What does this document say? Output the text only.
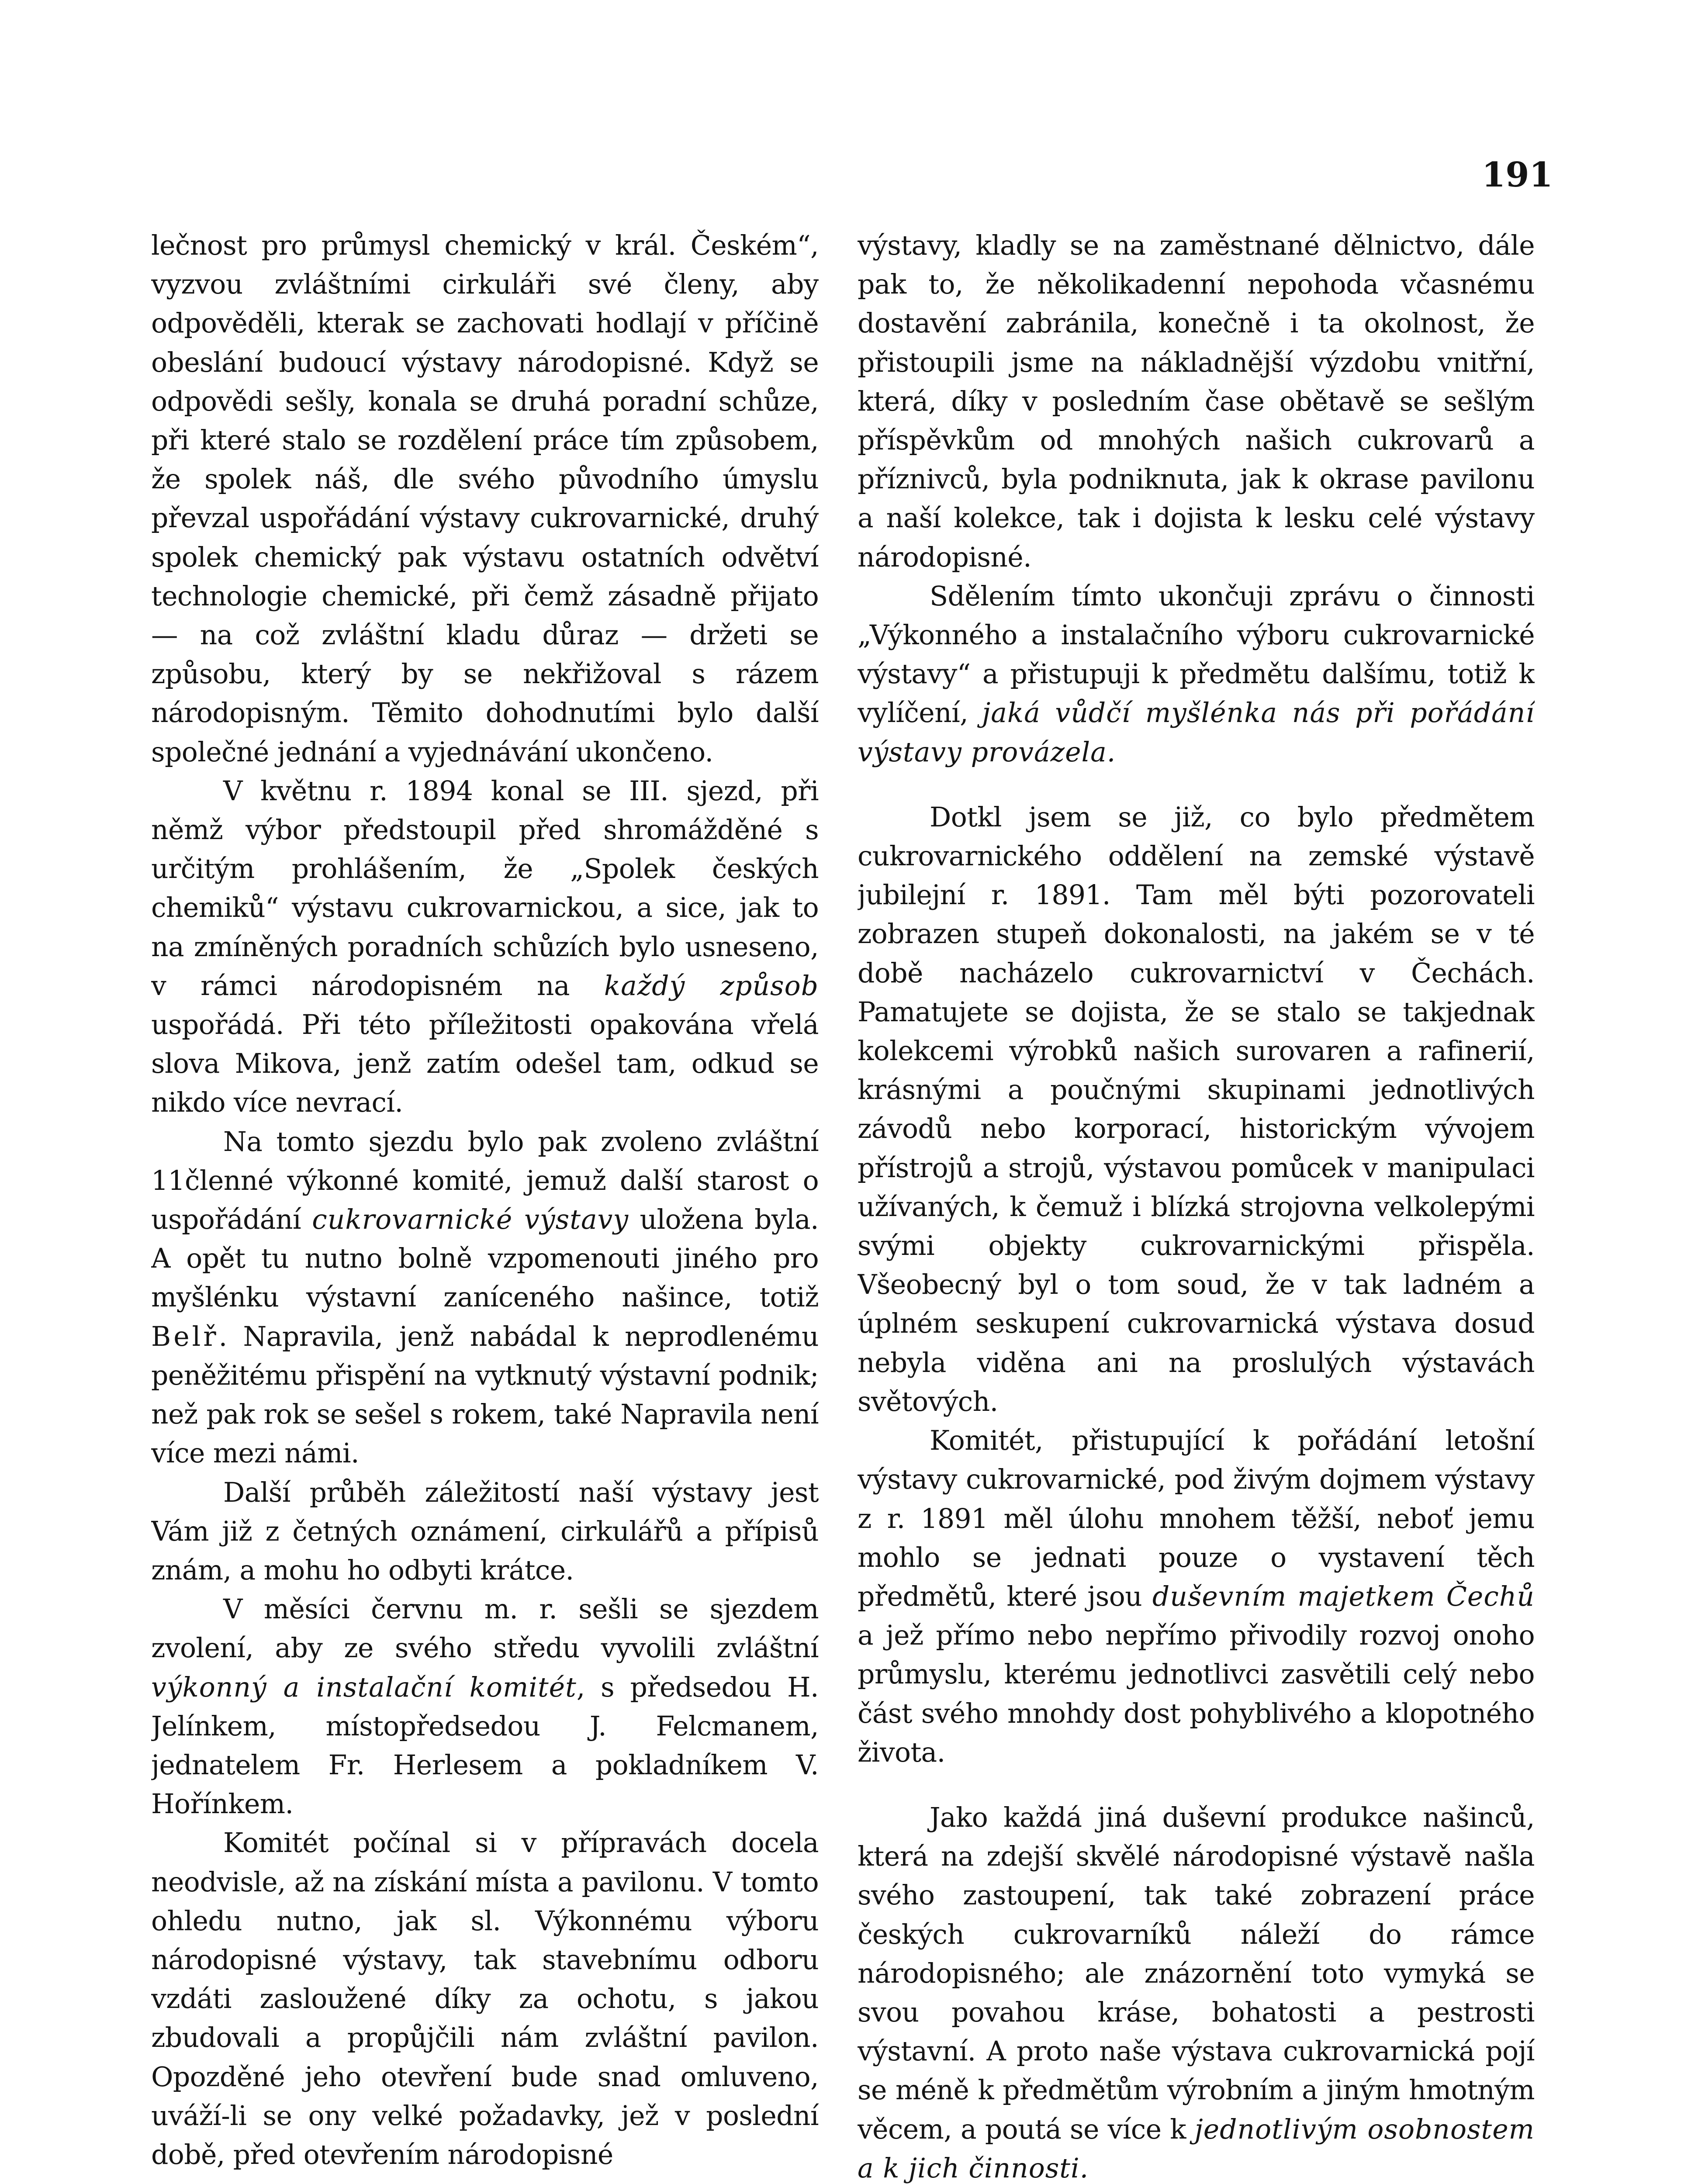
191

lečnost pro průmysl chemický v král. Českém“, vyzvou zvláštními cirkuláři své členy, aby odpověděli, kterak se zachovati hodlají v příčině obeslání budoucí výstavy národopisné. Když se odpovědi sešly, konala se druhá poradní schůze, při které stalo se rozdělení práce tím způsobem, že spolek náš, dle svého původního úmyslu převzal uspořádání výstavy cukrovarnické, druhý spolek chemický pak výstavu ostatních odvětví technologie chemické, při čemž zásadně přijato — na což zvláštní kladu důraz — držeti se způsobu, který by se nekřižoval s rázem národopisným. Těmito dohodnutími bylo další společné jednání a vyjednávání ukončeno.

V květnu r. 1894 konal se III. sjezd, při němž výbor předstoupil před shromážděné s určitým prohlášením, že „Spolek českých chemiků“ výstavu cukrovarnickou, a sice, jak to na zmíněných poradních schůzích bylo usneseno, v rámci národopisném na každý způsob uspořádá. Při této příležitosti opakována vřelá slova Mikova, jenž zatím odešel tam, odkud se nikdo více nevrací.

Na tomto sjezdu bylo pak zvoleno zvláštní 11členné výkonné komité, jemuž další starost o uspořádání cukrovarnické výstavy uložena byla. A opět tu nutno bolně vzpomenouti jiného pro myšlénku výstavní zaníceného našince, totiž Belř. Napravila, jenž nabádal k neprodlenému peněžitému přispění na vytknutý výstavní podnik; než pak rok se sešel s rokem, také Napravila není více mezi námi.

Další průběh záležitostí naší výstavy jest Vám již z četných oznámení, cirkulářů a přípisů znám, a mohu ho odbyti krátce.

V měsíci červnu m. r. sešli se sjezdem zvolení, aby ze svého středu vyvolili zvláštní výkonný a instalační komitét, s předsedou H. Jelínkem, místopředsedou J. Felcmanem, jednatelem Fr. Herlesem a pokladníkem V. Hořínkem.

Komitét počínal si v přípravách docela neodvisle, až na získání místa a pavilonu. V tomto ohledu nutno, jak sl. Výkonnému výboru národopisné výstavy, tak stavebnímu odboru vzdáti zasloužené díky za ochotu, s jakou zbudovali a propůjčili nám zvláštní pavilon. Opozděné jeho otevření bude snad omluveno, uváží-li se ony velké požadavky, jež v poslední době, před otevřením národopisné

výstavy, kladly se na zaměstnané dělnictvo, dále pak to, že několikadenní nepohoda včasnému dostavění zabránila, konečně i ta okolnost, že přistoupili jsme na nákladnější výzdobu vnitřní, která, díky v posledním čase obětavě se sešlým příspěvkům od mnohých našich cukrovarů a příznivců, byla podniknuta, jak k okrase pavilonu a naší kolekce, tak i dojista k lesku celé výstavy národopisné.

Sdělením tímto ukončuji zprávu o činnosti „Výkonného a instalačního výboru cukrovarnické výstavy“ a přistupuji k předmětu dalšímu, totiž k vylíčení, jaká vůdčí myšlénka nás při pořádání výstavy provázela.

Dotkl jsem se již, co bylo předmětem cukrovarnického oddělení na zemské výstavě jubilejní r. 1891. Tam měl býti pozorovateli zobrazen stupeň dokonalosti, na jakém se v té době nacházelo cukrovarnictví v Čechách. Pamatujete se dojista, že se stalo se takjednak kolekcemi výrobků našich surovaren a rafinerií, krásnými a poučnými skupinami jednotlivých závodů nebo korporací, historickým vývojem přístrojů a strojů, výstavou pomůcek v manipulaci užívaných, k čemuž i blízká strojovna velkolepými svými objekty cukrovarnickými přispěla. Všeobecný byl o tom soud, že v tak ladném a úplném seskupení cukrovarnická výstava dosud nebyla viděna ani na proslulých výstavách světových.

Komitét, přistupující k pořádání letošní výstavy cukrovarnické, pod živým dojmem výstavy z r. 1891 měl úlohu mnohem těžší, neboť jemu mohlo se jednati pouze o vystavení těch předmětů, které jsou duševním majetkem Čechů a jež přímo nebo nepřímo přivodily rozvoj onoho průmyslu, kterému jednotlivci zasvětili celý nebo část svého mnohdy dost pohyblivého a klopotného života.

Jako každá jiná duševní produkce našinců, která na zdejší skvělé národopisné výstavě našla svého zastoupení, tak také zobrazení práce českých cukrovarníků náleží do rámce národopisného; ale znázornění toto vymyká se svou povahou kráse, bohatosti a pestrosti výstavní. A proto naše výstava cukrovarnická pojí se méně k předmětům výrobním a jiným hmotným věcem, a poutá se více k jednotlivým osobnostem a k jich činnosti.
